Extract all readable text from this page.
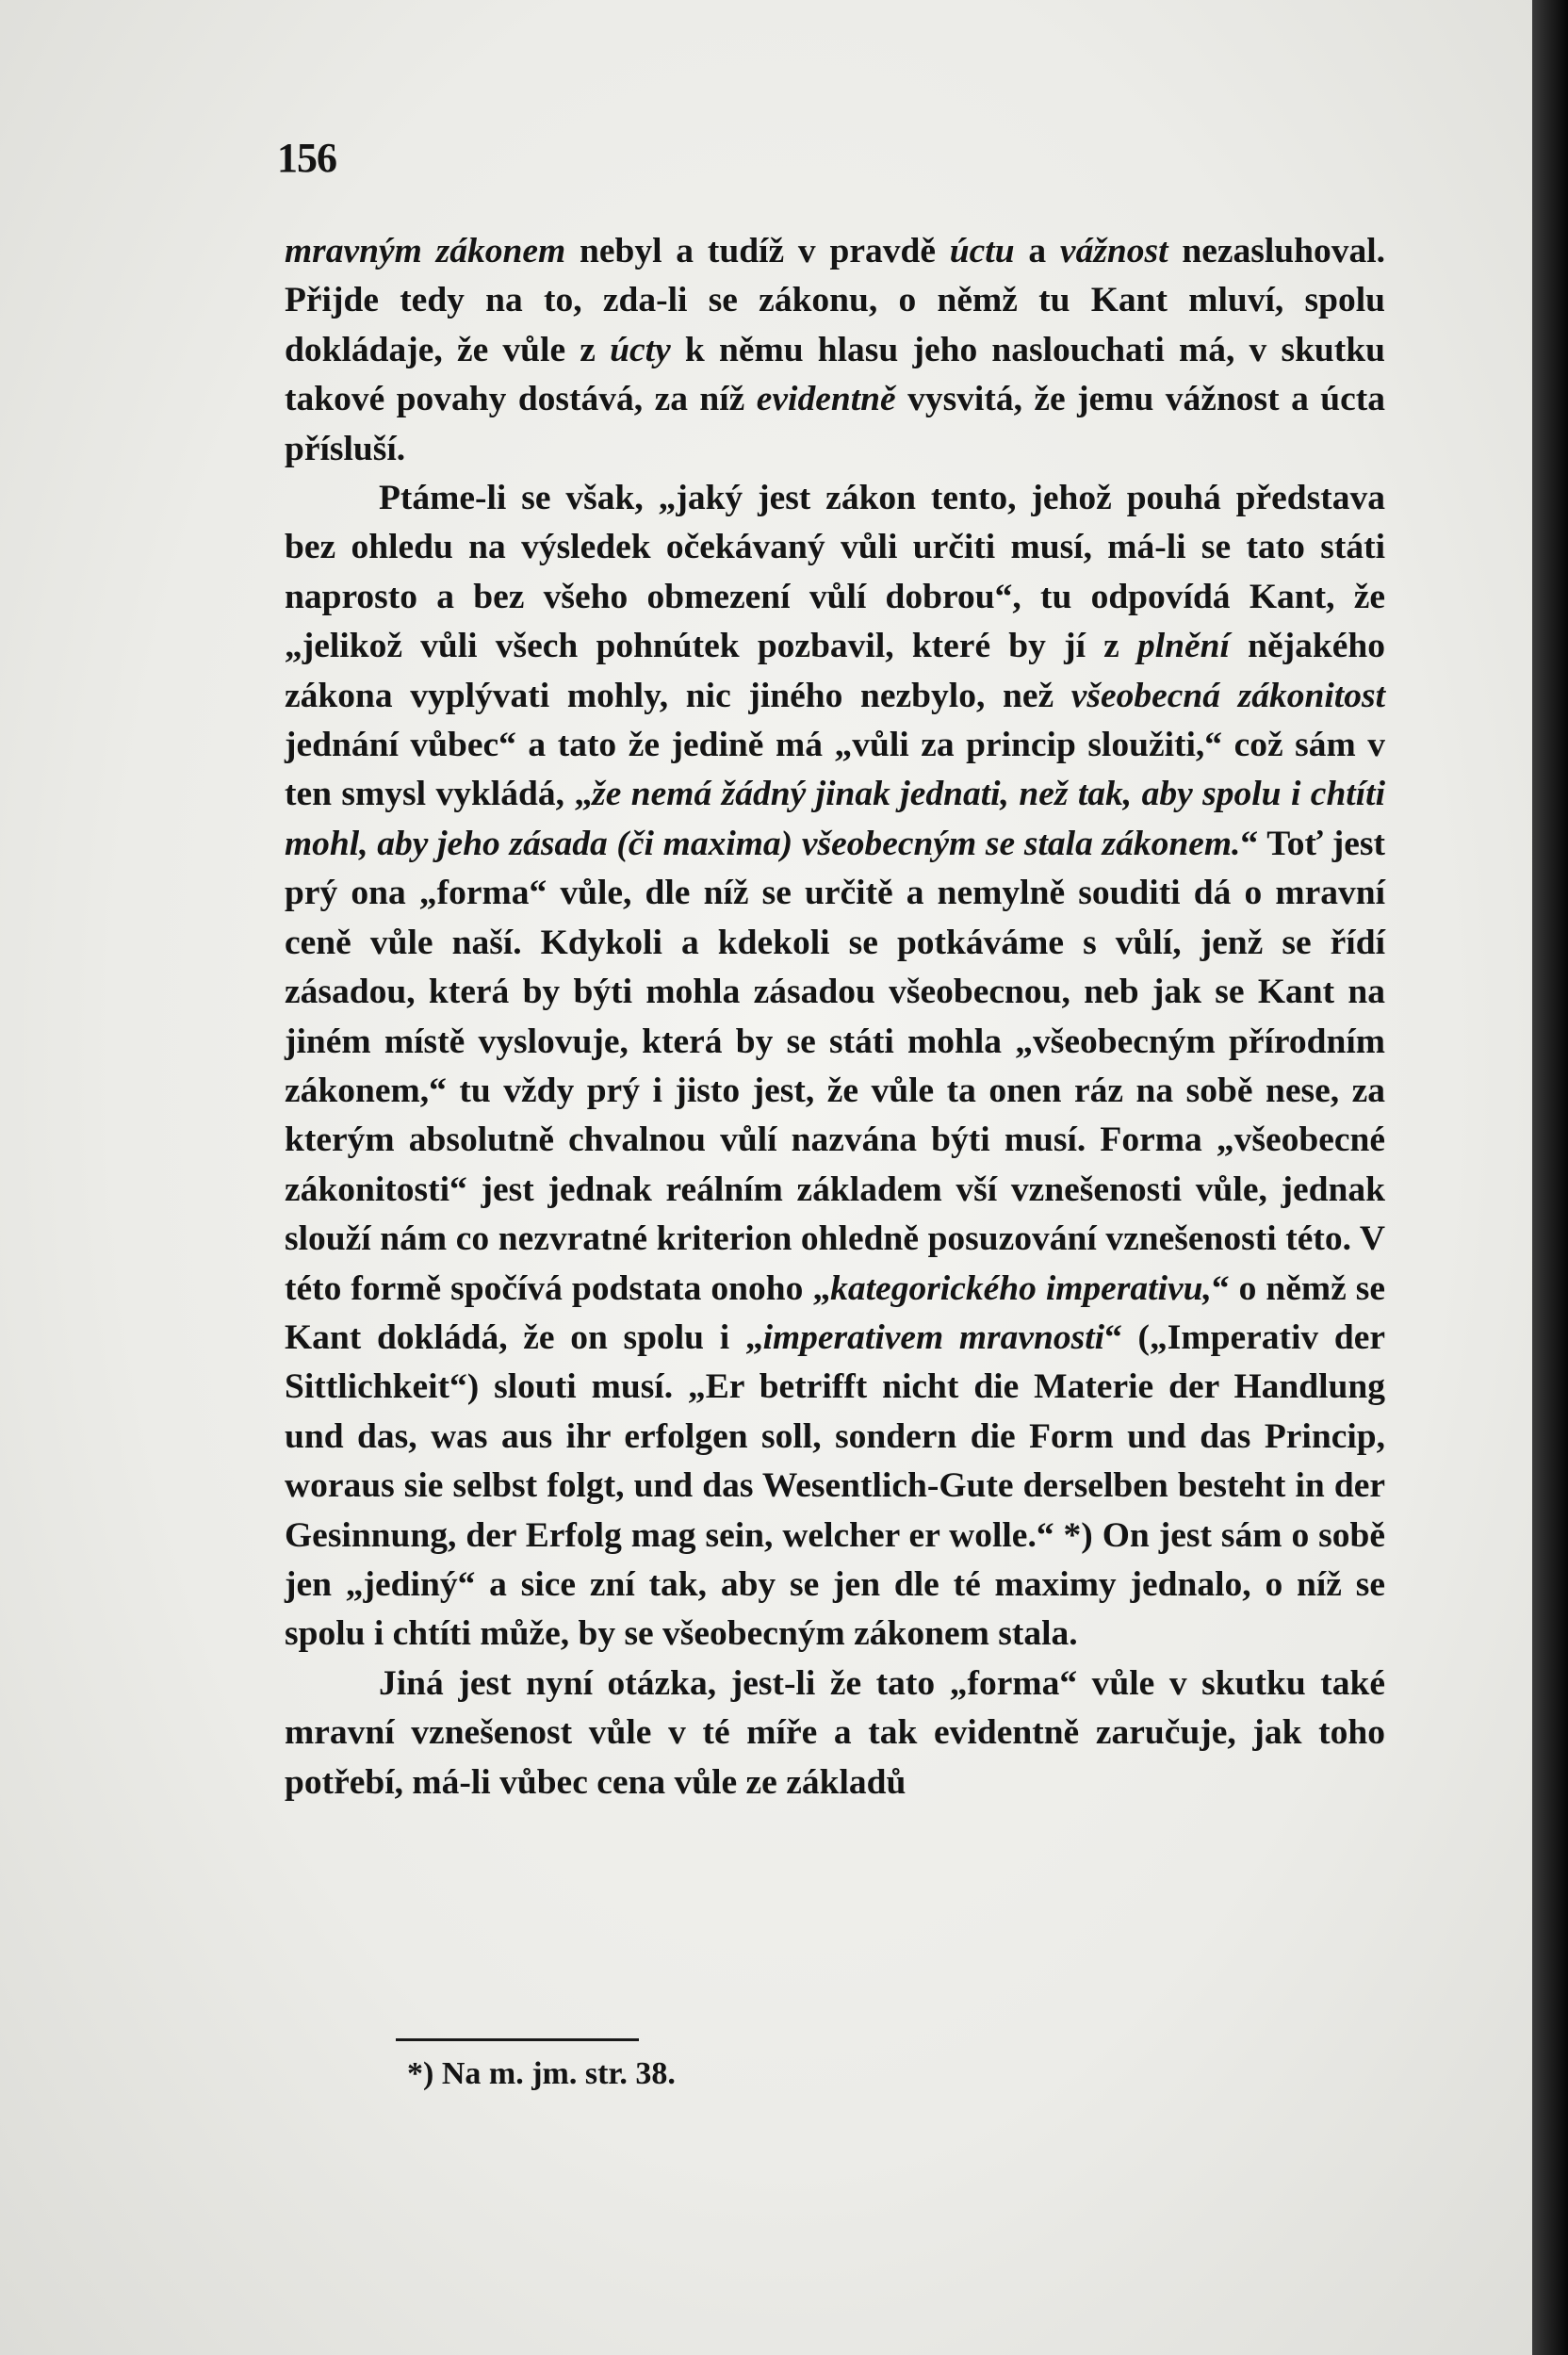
156

mravným zákonem nebyl a tudíž v pravdě úctu a vážnost nezasluhoval. Přijde tedy na to, zda-li se zákonu, o němž tu Kant mluví, spolu dokládaje, že vůle z úcty k němu hlasu jeho naslouchati má, v skutku takové povahy dostává, za níž evidentně vysvitá, že jemu vážnost a úcta přísluší.

Ptáme-li se však, „jaký jest zákon tento, jehož pouhá představa bez ohledu na výsledek očekávaný vůli určiti musí, má-li se tato státi naprosto a bez všeho obmezení vůlí dobrou“, tu odpovídá Kant, že „jelikož vůli všech pohnútek pozbavil, které by jí z plnění nějakého zákona vyplývati mohly, nic jiného nezbylo, než všeobecná zákonitost jednání vůbec“ a tato že jedině má „vůli za princip sloužiti,“ což sám v ten smysl vykládá, „že nemá žádný jinak jednati, než tak, aby spolu i chtíti mohl, aby jeho zásada (či maxima) všeobecným se stala zákonem.“ Toť jest prý ona „forma“ vůle, dle níž se určitě a nemylně souditi dá o mravní ceně vůle naší. Kdykoli a kdekoli se potkáváme s vůlí, jenž se řídí zásadou, která by býti mohla zásadou všeobecnou, neb jak se Kant na jiném místě vyslovuje, která by se státi mohla „všeobecným přírodním zákonem,“ tu vždy prý i jisto jest, že vůle ta onen ráz na sobě nese, za kterým absolutně chvalnou vůlí nazvána býti musí. Forma „všeobecné zákonitosti“ jest jednak reálním základem vší vznešenosti vůle, jednak slouží nám co nezvratné kriterion ohledně posuzování vznešenosti této. V této formě spočívá podstata onoho „kategorického imperativu,“ o němž se Kant dokládá, že on spolu i „imperativem mravnosti“ („Imperativ der Sittlichkeit“) slouti musí. „Er betrifft nicht die Materie der Handlung und das, was aus ihr erfolgen soll, sondern die Form und das Princip, woraus sie selbst folgt, und das Wesentlich-Gute derselben besteht in der Gesinnung, der Erfolg mag sein, welcher er wolle.“ *) On jest sám o sobě jen „jediný“ a sice zní tak, aby se jen dle té maximy jednalo, o níž se spolu i chtíti může, by se všeobecným zákonem stala.

Jiná jest nyní otázka, jest-li že tato „forma“ vůle v skutku také mravní vznešenost vůle v té míře a tak evidentně zaručuje, jak toho potřebí, má-li vůbec cena vůle ze základů

*) Na m. jm. str. 38.
